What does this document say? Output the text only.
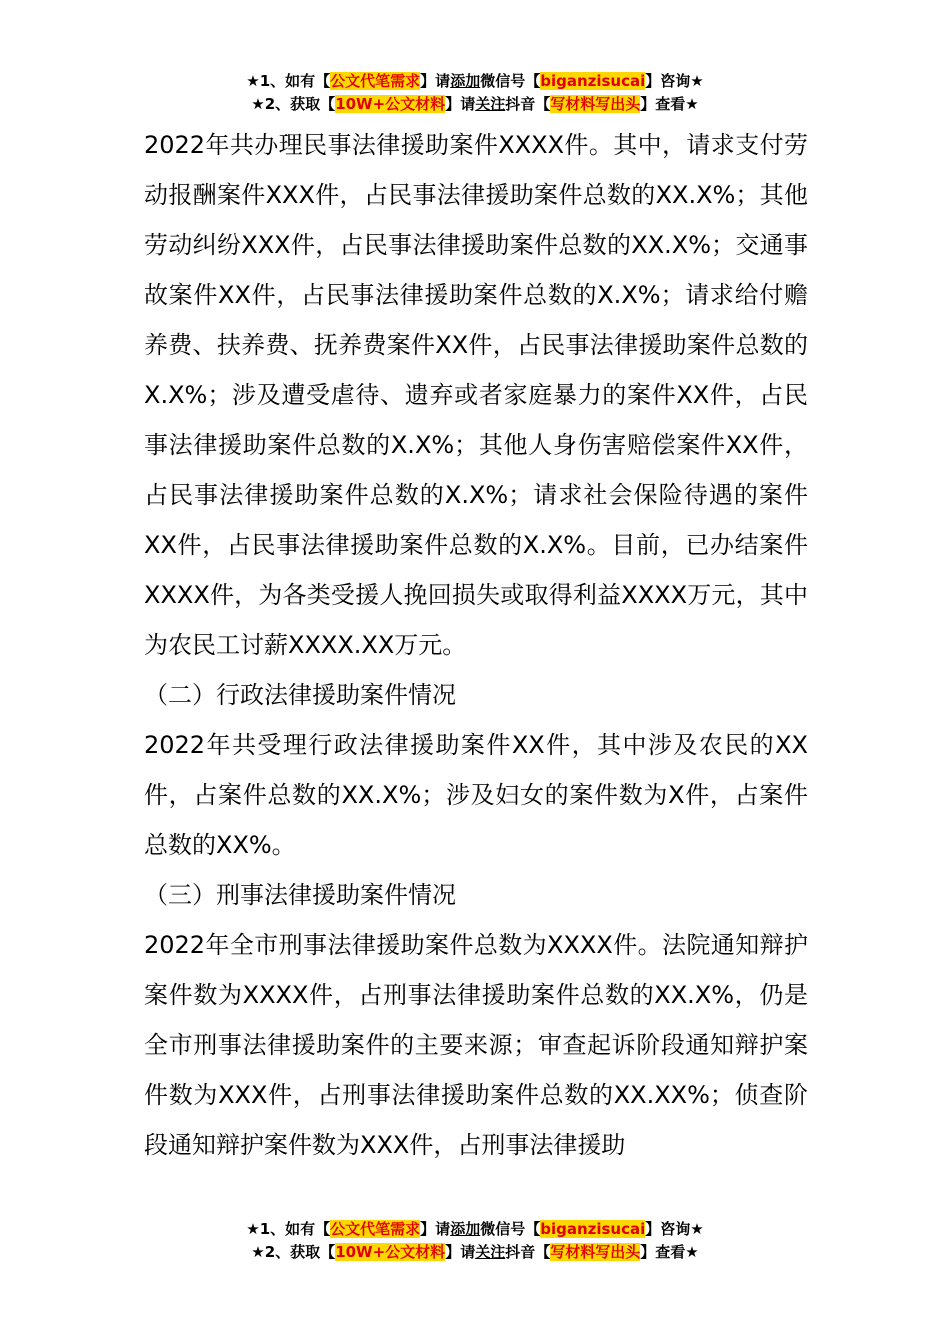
★1、如有【公文代笔需求】请添加微信号【biganzisucai】咨询★
★2、获取【10W+公文材料】请关注抖音【写材料写出头】查看★

2022年共办理民事法律援助案件XXXX件。其中，请求支付劳动报酬案件XXX件，占民事法律援助案件总数的XX.X%；其他劳动纠纷XXX件，占民事法律援助案件总数的XX.X%；交通事故案件XX件，占民事法律援助案件总数的X.X%；请求给付赡养费、扶养费、抚养费案件XX件，占民事法律援助案件总数的X.X%；涉及遭受虐待、遗弃或者家庭暴力的案件XX件，占民事法律援助案件总数的X.X%；其他人身伤害赔偿案件XX件，占民事法律援助案件总数的X.X%；请求社会保险待遇的案件XX件，占民事法律援助案件总数的X.X%。目前，已办结案件XXXX件，为各类受援人挽回损失或取得利益XXXX万元，其中为农民工讨薪XXXX.XX万元。

（二）行政法律援助案件情况

2022年共受理行政法律援助案件XX件，其中涉及农民的XX件，占案件总数的XX.X%；涉及妇女的案件数为X件，占案件总数的XX%。

（三）刑事法律援助案件情况

2022年全市刑事法律援助案件总数为XXXX件。法院通知辩护案件数为XXXX件，占刑事法律援助案件总数的XX.X%，仍是全市刑事法律援助案件的主要来源；审查起诉阶段通知辩护案件数为XXX件，占刑事法律援助案件总数的XX.XX%；侦查阶段通知辩护案件数为XXX件，占刑事法律援助

★1、如有【公文代笔需求】请添加微信号【biganzisucai】咨询★
★2、获取【10W+公文材料】请关注抖音【写材料写出头】查看★
